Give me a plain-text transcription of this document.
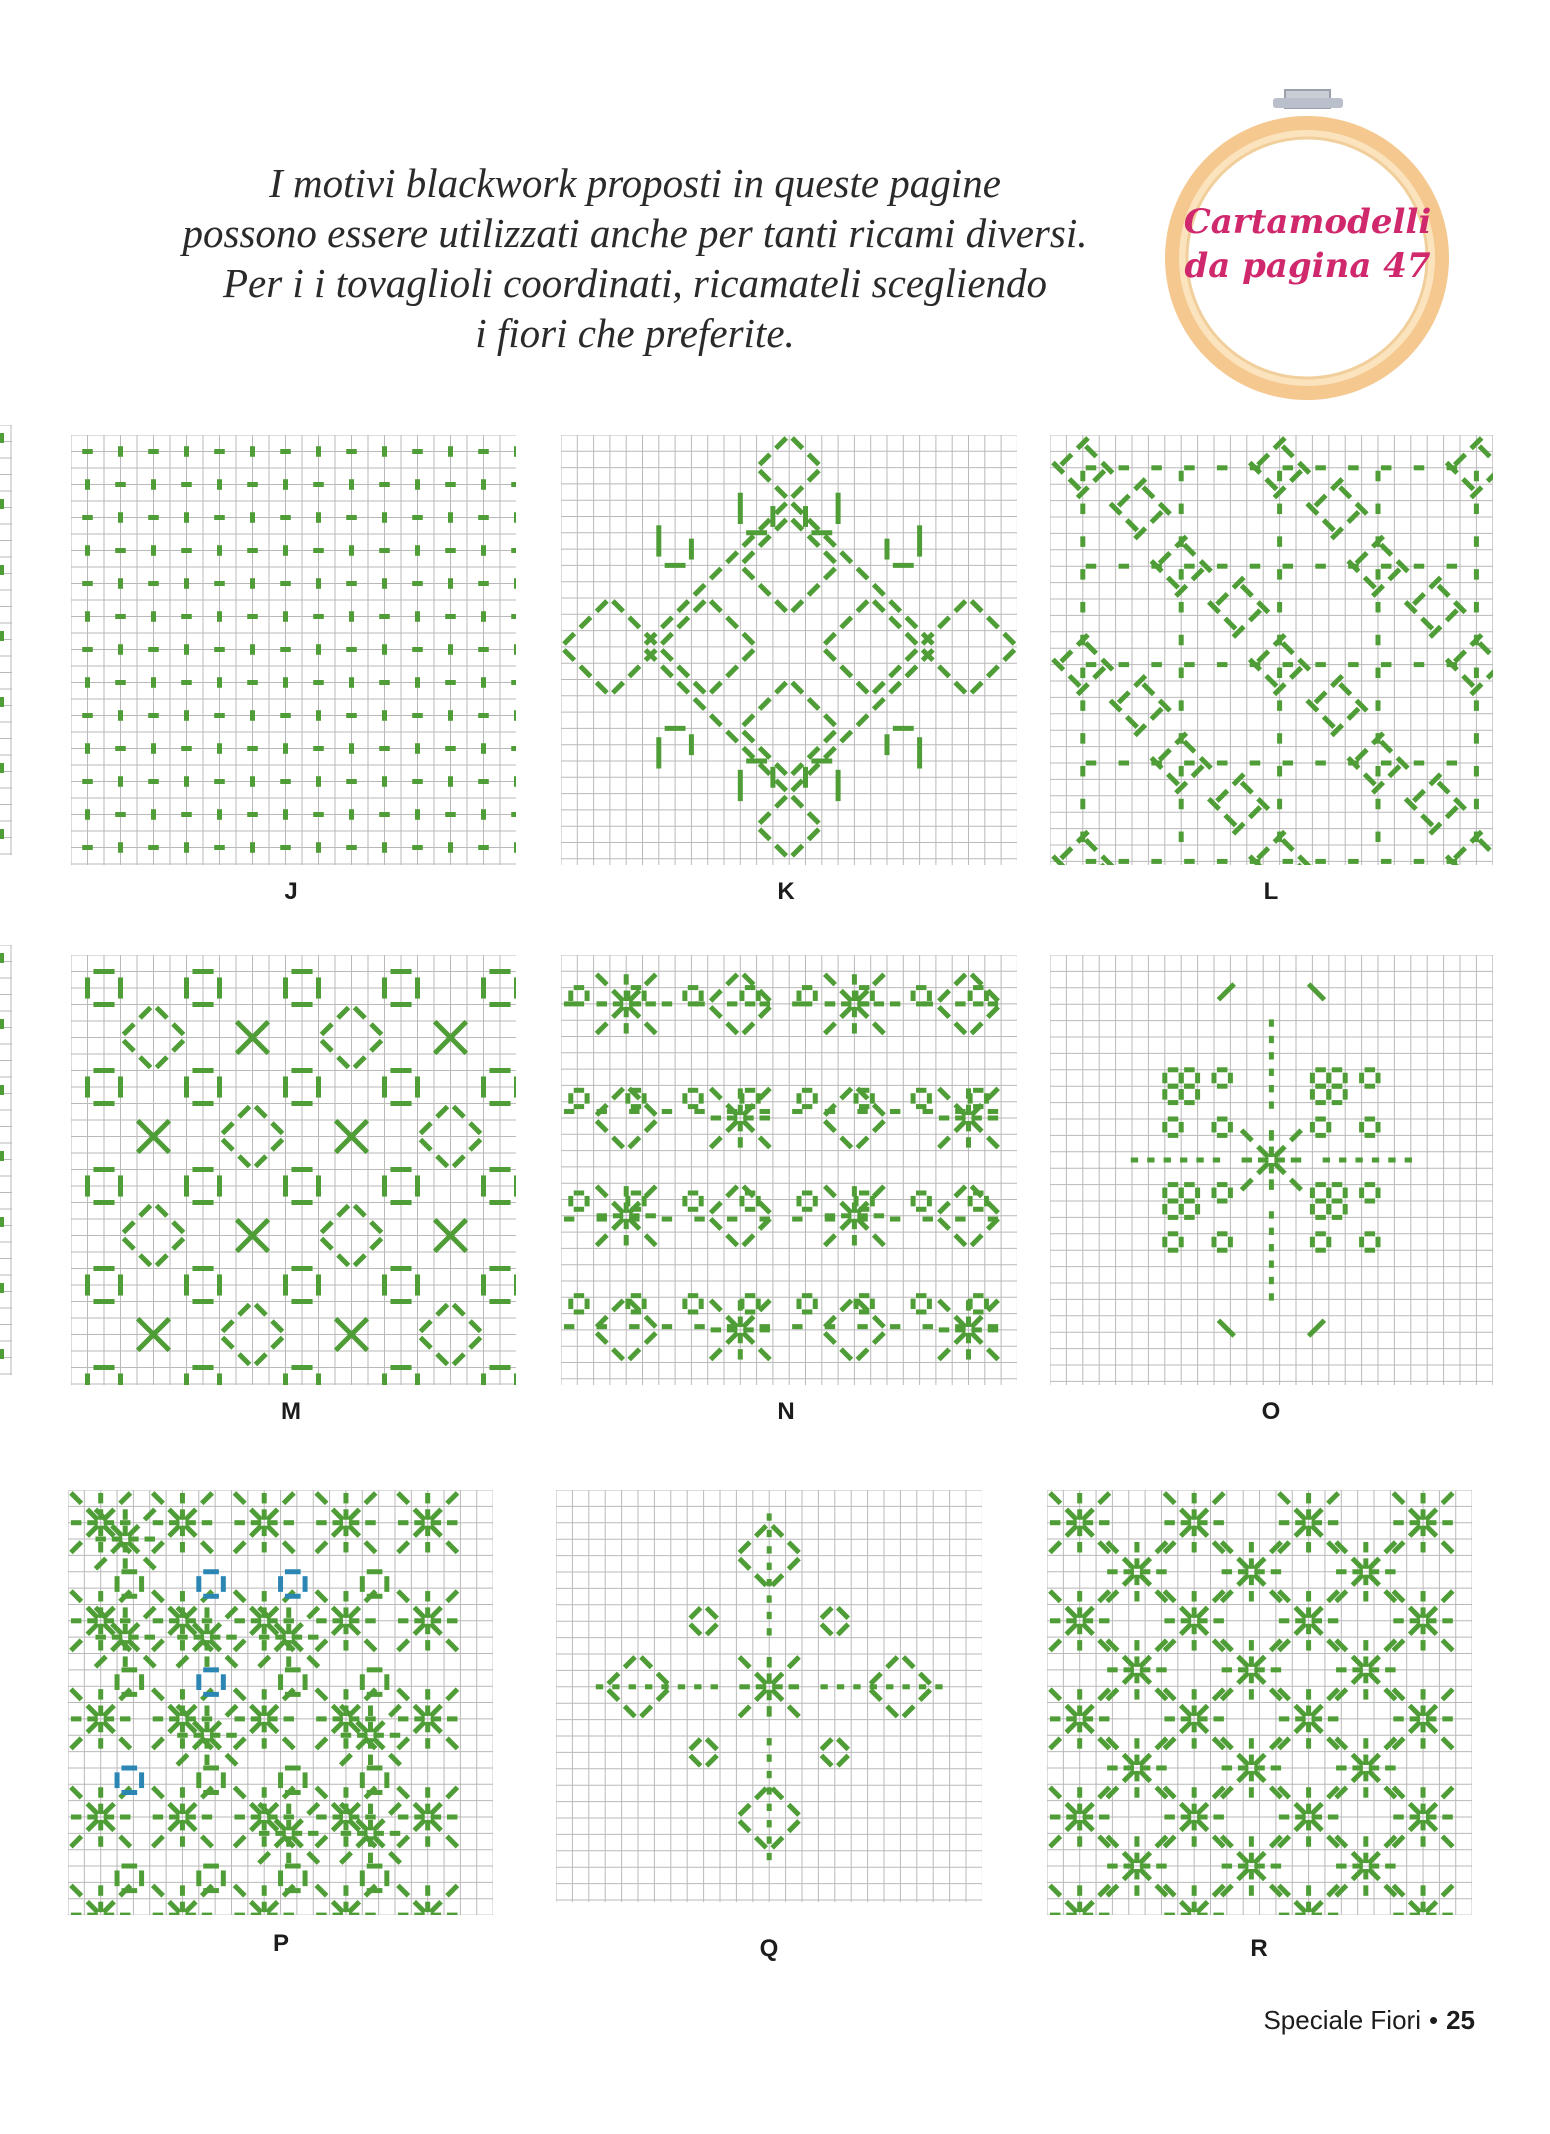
I motivi blackwork proposti in queste pagine
possono essere utilizzati anche per tanti ricami diversi.
Per i i tovaglioli coordinati, ricamateli scegliendo
i fiori che preferite.
Cartamodelli
da pagina 47
J	K	L
M	N	O
P	Q	R
Speciale Fiori • 25
